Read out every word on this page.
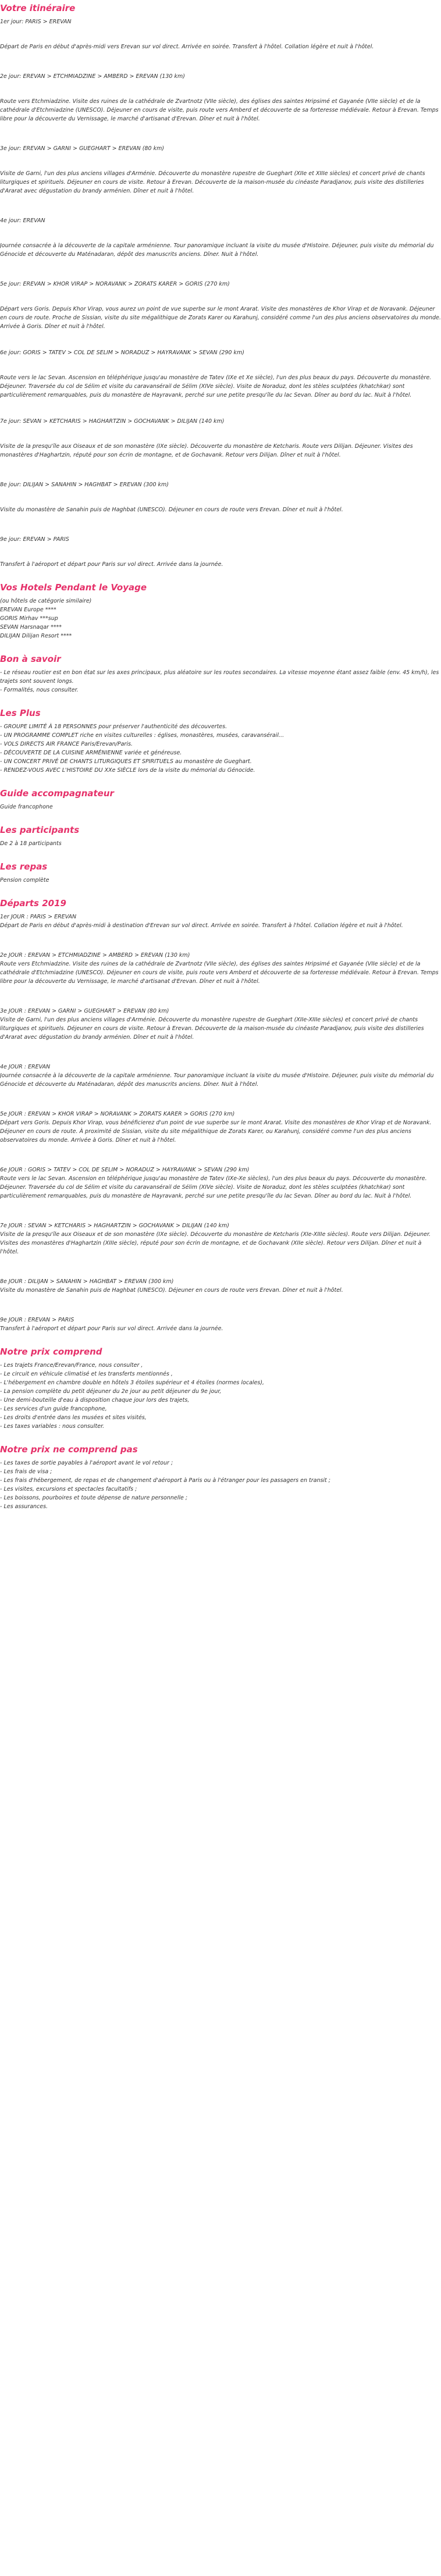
Votre itinéraire

1er jour: PARIS > EREVAN

Départ de Paris en début d'après-midi vers Erevan sur vol direct. Arrivée en soirée. Transfert à l'hôtel. Collation légère et nuit à l'hôtel.

2e jour: EREVAN > ETCHMIADZINE > AMBERD > EREVAN (130 km)

Route vers Etchmiadzine. Visite des ruines de la cathédrale de Zvartnotz (VIIe siècle), des églises des saintes Hripsimé et Gayanée (VIIe siècle) et de la cathédrale d'Etchmiadzine (UNESCO). Déjeuner en cours de visite, puis route vers Amberd et découverte de sa forteresse médiévale. Retour à Erevan. Temps libre pour la découverte du Vernissage, le marché d'artisanat d'Erevan. Dîner et nuit à l'hôtel.

3e jour: EREVAN > GARNI > GUEGHART > EREVAN (80 km)

Visite de Garni, l'un des plus anciens villages d'Arménie. Découverte du monastère rupestre de Gueghart (XIIe et XIIIe siècles) et concert privé de chants liturgiques et spirituels. Déjeuner en cours de visite. Retour à Erevan. Découverte de la maison-musée du cinéaste Paradjanov, puis visite des distilleries d'Ararat avec dégustation du brandy arménien. Dîner et nuit à l'hôtel.

4e jour: EREVAN

Journée consacrée à la découverte de la capitale arménienne. Tour panoramique incluant la visite du musée d'Histoire. Déjeuner, puis visite du mémorial du Génocide et découverte du Maténadaran, dépôt des manuscrits anciens. Dîner. Nuit à l'hôtel.

5e jour: EREVAN > KHOR VIRAP > NORAVANK > ZORATS KARER > GORIS (270 km)

Départ vers Goris. Depuis Khor Virap, vous aurez un point de vue superbe sur le mont Ararat. Visite des monastères de Khor Virap et de Noravank. Déjeuner en cours de route. Proche de Sissian, visite du site mégalithique de Zorats Karer ou Karahunj, considéré comme l'un des plus anciens observatoires du monde. Arrivée à Goris. Dîner et nuit à l'hôtel.

6e jour: GORIS > TATEV > COL DE SELIM > NORADUZ > HAYRAVANK > SEVAN (290 km)

Route vers le lac Sevan. Ascension en téléphérique jusqu'au monastère de Tatev (IXe et Xe siècle), l'un des plus beaux du pays. Découverte du monastère. Déjeuner. Traversée du col de Sélim et visite du caravansérail de Sélim (XIVe siècle). Visite de Noraduz, dont les stèles sculptées (khatchkar) sont particulièrement remarquables, puis du monastère de Hayravank, perché sur une petite presqu'île du lac Sevan. Dîner au bord du lac. Nuit à l'hôtel.

7e jour: SEVAN > KETCHARIS > HAGHARTZIN > GOCHAVANK > DILIJAN (140 km)

Visite de la presqu'île aux Oiseaux et de son monastère (IXe siècle). Découverte du monastère de Ketcharis. Route vers Dilijan. Déjeuner. Visites des monastères d'Haghartzin, réputé pour son écrin de montagne, et de Gochavank. Retour vers Dilijan. Dîner et nuit à l'hôtel.

8e jour: DILIJAN > SANAHIN > HAGHBAT > EREVAN (300 km)

Visite du monastère de Sanahin puis de Haghbat (UNESCO). Déjeuner en cours de route vers Erevan. Dîner et nuit à l'hôtel.

9e jour: EREVAN > PARIS

Transfert à l'aéroport et départ pour Paris sur vol direct. Arrivée dans la journée.

Vos Hotels Pendant le Voyage
(ou hôtels de catégorie similaire)
EREVAN Europe ****
GORIS Mirhav ***sup
SEVAN Harsnaqar ****
DILIJAN Dilijan Resort ****
Bon à savoir
- Le réseau routier est en bon état sur les axes principaux, plus aléatoire sur les routes secondaires. La vitesse moyenne étant assez faible (env. 45 km/h), les trajets sont souvent longs.
- Formalités, nous consulter.
Les Plus
- GROUPE LIMITÉ À 18 PERSONNES pour préserver l'authenticité des découvertes.
- UN PROGRAMME COMPLET riche en visites culturelles : églises, monastères, musées, caravansérail...
- VOLS DIRECTS AIR FRANCE Paris/Erevan/Paris.
- DÉCOUVERTE DE LA CUISINE ARMÉNIENNE variée et généreuse.
- UN CONCERT PRIVÉ DE CHANTS LITURGIQUES ET SPIRITUELS au monastère de Gueghart.
- RENDEZ-VOUS AVEC L'HISTOIRE DU XXe SIÈCLE lors de la visite du mémorial du Génocide.
Guide accompagnateur
Guide francophone
Les participants
De 2 à 18 participants
Les repas
Pension complète
Départs 2019

1er JOUR : PARIS > EREVAN

Départ de Paris en début d'après-midi à destination d'Erevan sur vol direct. Arrivée en soirée. Transfert à l'hôtel. Collation légère et nuit à l'hôtel.

2e JOUR : EREVAN > ETCHMIADZINE > AMBERD > EREVAN (130 km)

Route vers Etchmiadzine. Visite des ruines de la cathédrale de Zvartnotz (VIIe siècle), des églises des saintes Hripsimé et Gayanée (VIIe siècle) et de la cathédrale d'Etchmiadzine (UNESCO). Déjeuner en cours de visite, puis route vers Amberd et découverte de sa forteresse médiévale. Retour à Erevan. Temps libre pour la découverte du Vernissage, le marché d'artisanat d'Erevan. Dîner et nuit à l'hôtel.

3e JOUR : EREVAN > GARNI > GUEGHART > EREVAN (80 km)

Visite de Garni, l'un des plus anciens villages d'Arménie. Découverte du monastère rupestre de Gueghart (XIIe-XIIIe siècles) et concert privé de chants liturgiques et spirituels. Déjeuner en cours de visite. Retour à Erevan. Découverte de la maison-musée du cinéaste Paradjanov, puis visite des distilleries d'Ararat avec dégustation du brandy arménien. Dîner et nuit à l'hôtel.

4e JOUR : EREVAN

Journée consacrée à la découverte de la capitale arménienne. Tour panoramique incluant la visite du musée d'Histoire. Déjeuner, puis visite du mémorial du Génocide et découverte du Maténadaran, dépôt des manuscrits anciens. Dîner. Nuit à l'hôtel.

5e JOUR : EREVAN > KHOR VIRAP > NORAVANK > ZORATS KARER > GORIS (270 km)

Départ vers Goris. Depuis Khor Virap, vous bénéficierez d'un point de vue superbe sur le mont Ararat. Visite des monastères de Khor Virap et de Noravank. Déjeuner en cours de route. À proximité de Sissian, visite du site mégalithique de Zorats Karer, ou Karahunj, considéré comme l'un des plus anciens observatoires du monde. Arrivée à Goris. Dîner et nuit à l'hôtel.

6e JOUR : GORIS > TATEV > COL DE SELIM > NORADUZ > HAYRAVANK > SEVAN (290 km)

Route vers le lac Sevan. Ascension en téléphérique jusqu'au monastère de Tatev (IXe-Xe siècles), l'un des plus beaux du pays. Découverte du monastère. Déjeuner. Traversée du col de Sélim et visite du caravansérail de Sélim (XIVe siècle). Visite de Noraduz, dont les stèles sculptées (khatchkar) sont particulièrement remarquables, puis du monastère de Hayravank, perché sur une petite presqu'île du lac Sevan. Dîner au bord du lac. Nuit à l'hôtel.

7e JOUR : SEVAN > KETCHARIS > HAGHARTZIN > GOCHAVANK > DILIJAN (140 km)

Visite de la presqu'île aux Oiseaux et de son monastère (IXe siècle). Découverte du monastère de Ketcharis (XIe-XIIIe siècles). Route vers Dilijan. Déjeuner. Visites des monastères d'Haghartzin (XIIIe siècle), réputé pour son écrin de montagne, et de Gochavank (XIIe siècle). Retour vers Dilijan. Dîner et nuit à l'hôtel.

8e JOUR : DILIJAN > SANAHIN > HAGHBAT > EREVAN (300 km)

Visite du monastère de Sanahin puis de Haghbat (UNESCO). Déjeuner en cours de route vers Erevan. Dîner et nuit à l'hôtel.

9e JOUR : EREVAN > PARIS

Transfert à l'aéroport et départ pour Paris sur vol direct. Arrivée dans la journée.

Notre prix comprend
- Les trajets France/Erevan/France, nous consulter ,
- Le circuit en véhicule climatisé et les transferts mentionnés ,
- L'hébergement en chambre double en hôtels 3 étoiles supérieur et 4 étoiles (normes locales),
- La pension complète du petit déjeuner du 2e jour au petit déjeuner du 9e jour,
- Une demi-bouteille d'eau à disposition chaque jour lors des trajets,
- Les services d'un guide francophone,
- Les droits d'entrée dans les musées et sites visités,
- Les taxes variables : nous consulter.
Notre prix ne comprend pas
- Les taxes de sortie payables à l'aéroport avant le vol retour ;
- Les frais de visa ;
- Les frais d'hébergement, de repas et de changement d'aéroport à Paris ou à l'étranger pour les passagers en transit ;
- Les visites, excursions et spectacles facultatifs ;
- Les boissons, pourboires et toute dépense de nature personnelle ;
- Les assurances.
